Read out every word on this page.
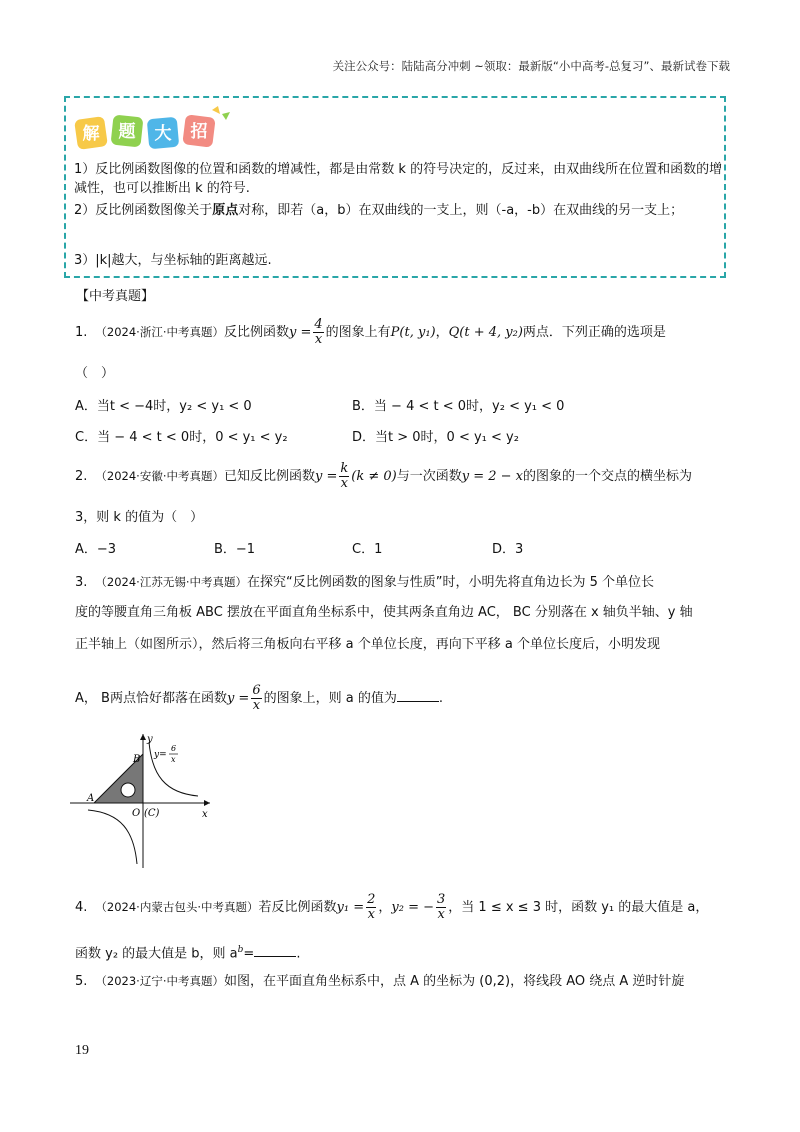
关注公众号：陆陆高分冲刺 ~领取：最新版“小中高考-总复习”、最新试卷下载
解 题 大 招
1）反比例函数图像的位置和函数的增减性，都是由常数 k 的符号决定的，反过来，由双曲线所在位置和函数的增减性，也可以推断出 k 的符号.
2）反比例函数图像关于原点对称，即若（a，b）在双曲线的一支上，则（-a，-b）在双曲线的另一支上；
3）|k|越大，与坐标轴的距离越远.
【中考真题】
1. （2024·浙江·中考真题）反比例函数$y = \frac{4}{x}$ 的图象上有P(t, y₁)，Q(t + 4, y₂)两点．下列正确的选项是
（　）
A．当t < −4时，y₂ < y₁ < 0	B．当 − 4 < t < 0时，y₂ < y₁ < 0
C．当 − 4 < t < 0时，0 < y₁ < y₂	D．当t > 0时，0 < y₁ < y₂
2. （2024·安徽·中考真题）已知反比例函数$y = \frac{k}{x} (k \ne 0)$与一次函数y = 2 − x的图象的一个交点的横坐标为
3，则 k 的值为（　）
A．−3	B．−1	C．1	D．3
3. （2024·江苏无锡·中考真题）在探究“反比例函数的图象与性质”时，小明先将直角边长为 5 个单位长
度的等腰直角三角板 ABC 摆放在平面直角坐标系中，使其两条直角边 AC， BC 分别落在 x 轴负半轴、y 轴
正半轴上（如图所示），然后将三角板向右平移 a 个单位长度，再向下平移 a 个单位长度后，小明发现
A， B两点恰好都落在函数$y = \frac{6}{x}$ 的图象上，则 a 的值为	.
y
x
A
B
O (C)
y=
6
x
4. （2024·内蒙古包头·中考真题）若反比例函数$y_1 = \frac{2}{x}$ ，y₂ = − $\frac{3}{x}$ ，当 1 ≤ x ≤ 3 时，函数 y₁ 的最大值是 a，
函数 y₂ 的最大值是 b，则 $a^b=$	.
5. （2023·辽宁·中考真题）如图，在平面直角坐标系中，点 A 的坐标为 (0,2)，将线段 AO 绕点 A 逆时针旋
19
